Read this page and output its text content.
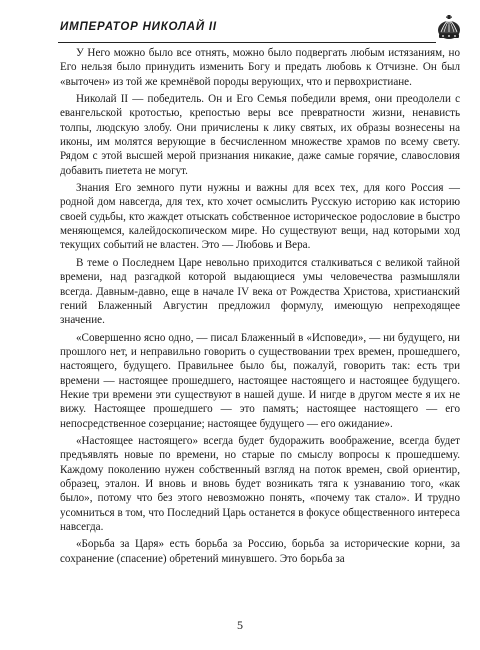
ИМПЕРАТОР НИКОЛАЙ II

У Него можно было все отнять, можно было подвергать любым истязаниям, но Его нельзя было принудить изменить Богу и предать любовь к Отчизне. Он был «выточен» из той же кремнёвой породы верующих, что и первохристиане.

Николай II — победитель. Он и Его Семья победили время, они преодолели с евангельской кротостью, крепостью веры все превратности жизни, ненависть толпы, людскую злобу. Они причислены к лику святых, их образы вознесены на иконы, им молятся верующие в бесчисленном множестве храмов по всему свету. Рядом с этой высшей мерой признания никакие, даже самые горячие, славословия добавить пиетета не могут.

Знания Его земного пути нужны и важны для всех тех, для кого Россия — родной дом навсегда, для тех, кто хочет осмыслить Русскую историю как историю своей судьбы, кто жаждет отыскать собственное историческое родословие в быстро меняющемся, калейдоскопическом мире. Но существуют вещи, над которыми ход текущих событий не властен. Это — Любовь и Вера.

В теме о Последнем Царе невольно приходится сталкиваться с великой тайной времени, над разгадкой которой выдающиеся умы человечества размышляли всегда. Давным-давно, еще в начале IV века от Рождества Христова, христианский гений Блаженный Августин предложил формулу, имеющую непреходящее значение.

«Совершенно ясно одно, — писал Блаженный в «Исповеди», — ни будущего, ни прошлого нет, и неправильно говорить о существовании трех времен, прошедшего, настоящего, будущего. Правильнее было бы, пожалуй, говорить так: есть три времени — настоящее прошедшего, настоящее настоящего и настоящее будущего. Некие три времени эти существуют в нашей душе. И нигде в другом месте я их не вижу. Настоящее прошедшего — это память; настоящее настоящего — его непосредственное созерцание; настоящее будущего — его ожидание».

«Настоящее настоящего» всегда будет будоражить воображение, всегда будет предъявлять новые по времени, но старые по смыслу вопросы к прошедшему. Каждому поколению нужен собственный взгляд на поток времен, свой ориентир, образец, эталон. И вновь и вновь будет возникать тяга к узнаванию того, «как было», потому что без этого невозможно понять, «почему так стало». И трудно усомниться в том, что Последний Царь останется в фокусе общественного интереса навсегда.

«Борьба за Царя» есть борьба за Россию, борьба за исторические корни, за сохранение (спасение) обретений минувшего. Это борьба за

5
